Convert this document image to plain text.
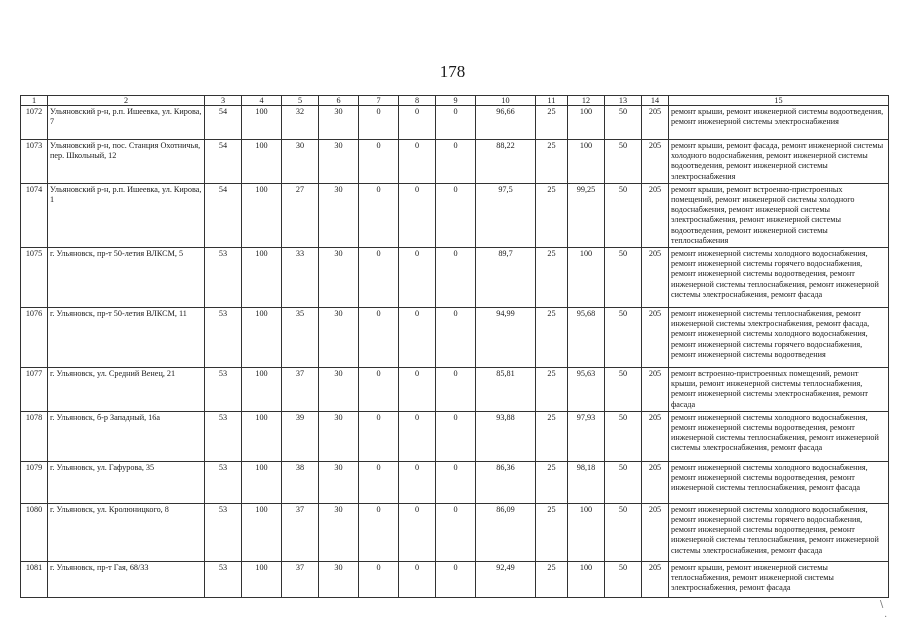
178
1	2	3	4	5	6	7	8	9	10	11	12	13	14	15
1072	Ульяновский р-н, р.п. Ишеевка, ул. Кирова, 7	54	100	32	30	0	0	0	96,66	25	100	50	205	ремонт крыши, ремонт инженерной системы водоотведения, ремонт инженерной системы электроснабжения
1073	Ульяновский р-н, пос. Станция Охотничья, пер. Школьный, 12	54	100	30	30	0	0	0	88,22	25	100	50	205	ремонт крыши, ремонт фасада, ремонт инженерной системы холодного водоснабжения, ремонт инженерной системы водоотведения, ремонт инженерной системы электроснабжения
1074	Ульяновский р-н, р.п. Ишеевка, ул. Кирова, 1	54	100	27	30	0	0	0	97,5	25	99,25	50	205	ремонт крыши, ремонт встроенно-пристроенных помещений, ремонт инженерной системы холодного водоснабжения, ремонт инженерной системы электроснабжения, ремонт инженерной системы водоотведения, ремонт инженерной системы теплоснабжения
1075	г. Ульяновск, пр-т 50-летия ВЛКСМ, 5	53	100	33	30	0	0	0	89,7	25	100	50	205	ремонт инженерной системы холодного водоснабжения, ремонт инженерной системы горячего водоснабжения, ремонт инженерной системы водоотведения, ремонт инженерной системы теплоснабжения, ремонт инженерной системы электроснабжения, ремонт фасада
1076	г. Ульяновск, пр-т 50-летия ВЛКСМ, 11	53	100	35	30	0	0	0	94,99	25	95,68	50	205	ремонт инженерной системы теплоснабжения, ремонт инженерной системы электроснабжения, ремонт фасада, ремонт инженерной системы холодного водоснабжения, ремонт инженерной системы горячего водоснабжения, ремонт инженерной системы водоотведения
1077	г. Ульяновск, ул. Средний Венец, 21	53	100	37	30	0	0	0	85,81	25	95,63	50	205	ремонт встроенно-пристроенных помещений, ремонт крыши, ремонт инженерной системы теплоснабжения, ремонт инженерной системы электроснабжения, ремонт фасада
1078	г. Ульяновск, б-р Западный, 16а	53	100	39	30	0	0	0	93,88	25	97,93	50	205	ремонт инженерной системы холодного водоснабжения, ремонт инженерной системы водоотведения, ремонт инженерной системы теплоснабжения, ремонт инженерной системы электроснабжения, ремонт фасада
1079	г. Ульяновск, ул. Гафурова, 35	53	100	38	30	0	0	0	86,36	25	98,18	50	205	ремонт инженерной системы холодного водоснабжения, ремонт инженерной системы водоотведения, ремонт инженерной системы теплоснабжения, ремонт фасада
1080	г. Ульяновск, ул. Кролюницкого, 8	53	100	37	30	0	0	0	86,09	25	100	50	205	ремонт инженерной системы холодного водоснабжения, ремонт инженерной системы горячего водоснабжения, ремонт инженерной системы водоотведения, ремонт инженерной системы теплоснабжения, ремонт инженерной системы электроснабжения, ремонт фасада
1081	г. Ульяновск, пр-т Гая, 68/33	53	100	37	30	0	0	0	92,49	25	100	50	205	ремонт крыши, ремонт инженерной системы теплоснабжения, ремонт инженерной системы электроснабжения, ремонт фасада
∖
·
